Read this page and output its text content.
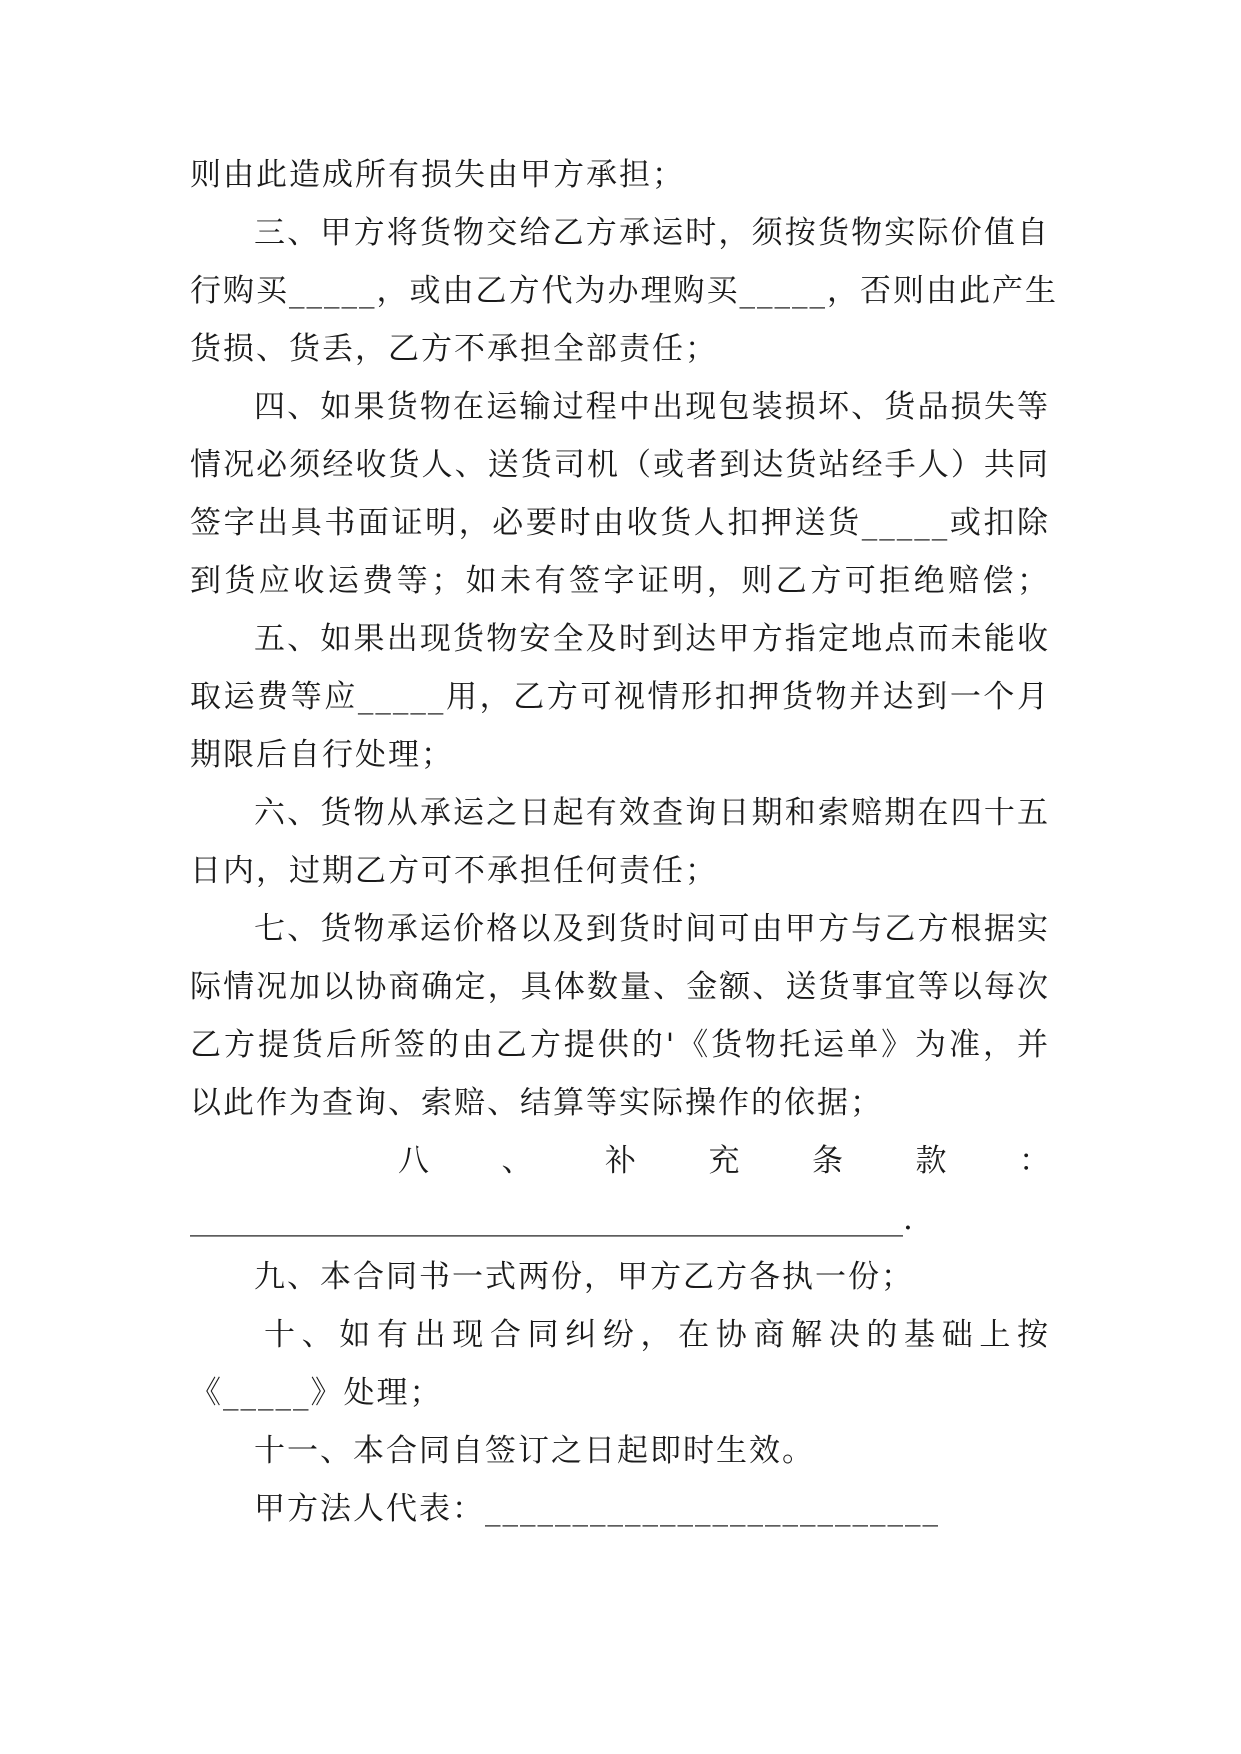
则由此造成所有损失由甲方承担；
三、甲方将货物交给乙方承运时，须按货物实际价值自
行购买_____，或由乙方代为办理购买_____，否则由此产生
货损、货丢，乙方不承担全部责任；
四、如果货物在运输过程中出现包装损坏、货品损失等
情况必须经收货人、送货司机（或者到达货站经手人）共同
签字出具书面证明，必要时由收货人扣押送货_____或扣除
到货应收运费等；如未有签字证明，则乙方可拒绝赔偿；
五、如果出现货物安全及时到达甲方指定地点而未能收
取运费等应_____用，乙方可视情形扣押货物并达到一个月
期限后自行处理；
六、货物从承运之日起有效查询日期和索赔期在四十五
日内，过期乙方可不承担任何责任；
七、货物承运价格以及到货时间可由甲方与乙方根据实
际情况加以协商确定，具体数量、金额、送货事宜等以每次
乙方提货后所签的由乙方提供的'《货物托运单》为准，并
以此作为查询、索赔、结算等实际操作的依据；
八、补充条款：
______________________________________________.
九、本合同书一式两份，甲方乙方各执一份；
十、如有出现合同纠纷，在协商解决的基础上按
《_____》处理；
十一、本合同自签订之日起即时生效。
甲方法人代表：__________________________
